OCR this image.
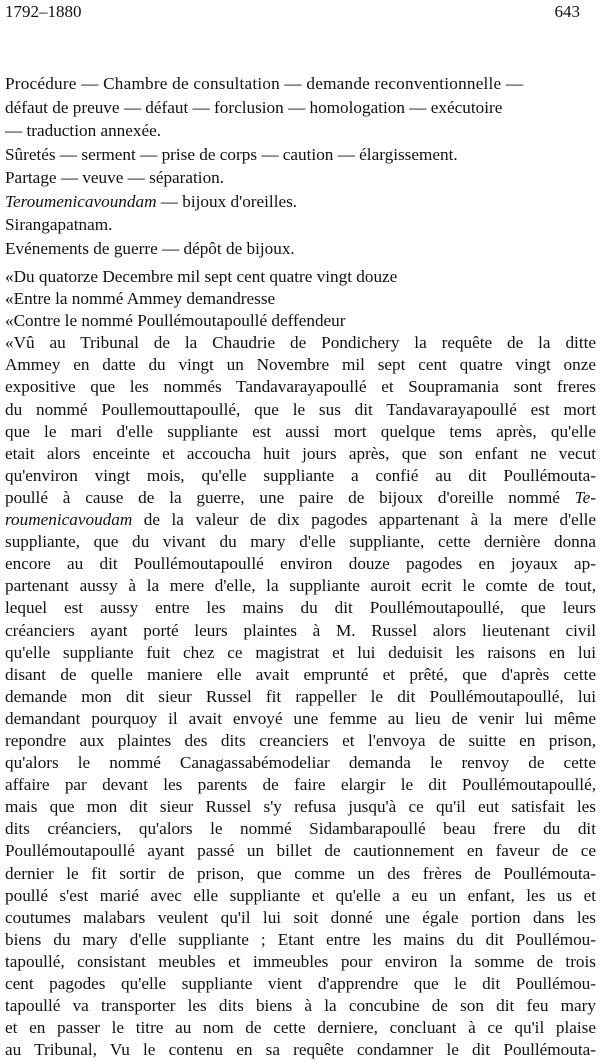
1792–1880	643
Procédure — Chambre de consultation — demande reconventionnelle —
défaut de preuve — défaut — forclusion — homologation — exécutoire
— traduction annexée.
Sûretés — serment — prise de corps — caution — élargissement.
Partage — veuve — séparation.
Teroumenicavoundam — bijoux d'oreilles.
Sirangapatnam.
Evénements de guerre — dépôt de bijoux.
«Du quatorze Decembre mil sept cent quatre vingt douze
«Entre la nommé Ammey demandresse
«Contre le nommé Poullémoutapoullé deffendeur
«Vû au Tribunal de la Chaudrie de Pondichery la requête de la ditte
Ammey en datte du vingt un Novembre mil sept cent quatre vingt onze
expositive que les nommés Tandavarayapoullé et Soupramania sont freres
du nommé Poullemouttapoullé, que le sus dit Tandavarayapoullé est mort
que le mari d'elle suppliante est aussi mort quelque tems après, qu'elle
etait alors enceinte et accoucha huit jours après, que son enfant ne vecut
qu'environ vingt mois, qu'elle suppliante a confié au dit Poullémouta-
poullé à cause de la guerre, une paire de bijoux d'oreille nommé Te-
roumenicavoudam de la valeur de dix pagodes appartenant à la mere d'elle
suppliante, que du vivant du mary d'elle suppliante, cette dernière donna
encore au dit Poullémoutapoullé environ douze pagodes en joyaux ap-
partenant aussy à la mere d'elle, la suppliante auroit ecrit le comte de tout,
lequel est aussy entre les mains du dit Poullémoutapoullé, que leurs
créanciers ayant porté leurs plaintes à M. Russel alors lieutenant civil
qu'elle suppliante fuit chez ce magistrat et lui deduisit les raisons en lui
disant de quelle maniere elle avait emprunté et prêté, que d'après cette
demande mon dit sieur Russel fit rappeller le dit Poullémoutapoullé, lui
demandant pourquoy il avait envoyé une femme au lieu de venir lui même
repondre aux plaintes des dits creanciers et l'envoya de suitte en prison,
qu'alors le nommé Canagassabémodeliar demanda le renvoy de cette
affaire par devant les parents de faire elargir le dit Poullémoutapoullé,
mais que mon dit sieur Russel s'y refusa jusqu'à ce qu'il eut satisfait les
dits créanciers, qu'alors le nommé Sidambarapoullé beau frere du dit
Poullémoutapoullé ayant passé un billet de cautionnement en faveur de ce
dernier le fit sortir de prison, que comme un des frères de Poullémouta-
poullé s'est marié avec elle suppliante et qu'elle a eu un enfant, les us et
coutumes malabars veulent qu'il lui soit donné une égale portion dans les
biens du mary d'elle suppliante ; Etant entre les mains du dit Poullémou-
tapoullé, consistant meubles et immeubles pour environ la somme de trois
cent pagodes qu'elle suppliante vient d'apprendre que le dit Poullémou-
tapoullé va transporter les dits biens à la concubine de son dit feu mary
et en passer le titre au nom de cette derniere, concluant à ce qu'il plaise
au Tribunal, Vu le contenu en sa requête condamner le dit Poullémouta-
